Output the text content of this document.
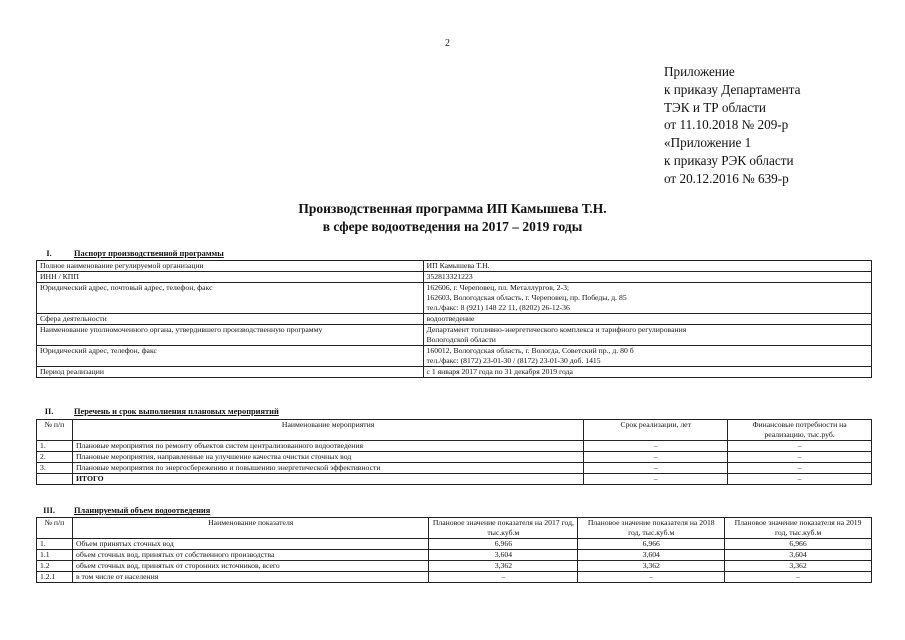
2
Приложение
к приказу Департамента
ТЭК и ТР области
от 11.10.2018 № 209-р
«Приложение 1
к приказу РЭК области
от 20.12.2016 № 639-р
Производственная программа ИП Камышева Т.Н.
в сфере водоотведения на 2017 – 2019 годы
I.	Паспорт производственной программы
Полное наименование регулируемой организации	ИП Камышева Т.Н.

ИНН / КПП	352813321223

Юридический адрес, почтовый адрес, телефон, факс	162606, г. Череповец, пл. Металлургов, 2-3;
162603, Вологодская область, г. Череповец, пр. Победы, д. 85
тел./факс: 8 (921) 148 22 11, (8202) 26-12-36

Сфера деятельности	водоотведение

Наименование уполномоченного органа, утвердившего производственную программу	Департамент топливно-энергетического комплекса и тарифного регулирования
Вологодской области

Юридический адрес, телефон, факс	160012, Вологодская область, г. Вологда, Советский пр., д. 80 б
тел./факс: (8172) 23-01-30 / (8172) 23-01-30 доб. 1415

Период реализации	с 1 января 2017 года по 31 декабря 2019 года
II.	Перечень и срок выполнения плановых мероприятий
№ п/п	Наименование мероприятия	Срок реализации, лет	Финансовые потребности на реализацию, тыс.руб.
1.	Плановые мероприятия по ремонту объектов систем централизованного водоотведения	–	–
2.	Плановые мероприятия, направленные на улучшение качества очистки сточных вод	–	–
3.	Плановые мероприятия по энергосбережению и повышению энергетической эффективности	–	–
	ИТОГО	–	–
III.	Планируемый объем водоотведения
№ п/п	Наименование показателя	Плановое значение показателя на 2017 год, тыс.куб.м	Плановое значение показателя на 2018 год, тыс.куб.м	Плановое значение показателя на 2019 год, тыс.куб.м
1.	Объем принятых сточных вод	6,966	6,966	6,966
1.1	объем сточных вод, принятых от собственного производства	3,604	3,604	3,604
1.2	объем сточных вод, принятых от сторонних источников, всего	3,362	3,362	3,362
1.2.1	в том числе от населения	–	–	–
